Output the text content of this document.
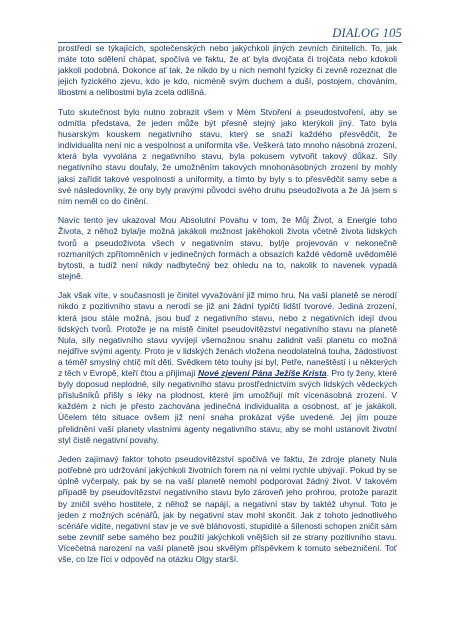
DIALOG 105

prostředí se týkajících, společenských nebo jakýchkoli jiných zevních činitelích. To, jak máte toto sdělení chápat, spočívá ve faktu, že ať byla dvojčata či trojčata nebo kdokoli jakkoli podobná. Dokonce ať tak, že nikdo by u nich nemohl fyzicky či zevně rozeznat dle jejich fyzického zjevu, kdo je kdo, nicméně svým duchem a duší, postojem, chováním, libostmi a nelibostmi byla zcela odlišná.

Tuto skutečnost bylo nutno zobrazit všem v Mém Stvoření a pseudostvoření, aby se odmítla představa, že jeden může být přesně stejný jako kterýkoli jiný. Tato byla husarským kouskem negativního stavu, který se snaží každého přesvědčit, že individualita není nic a vespolnost a uniformita vše. Veškerá tato mnoho násobná zrození, která byla vyvolána z negativního stavu, byla pokusem vytvořit takový důkaz. Síly negativního stavu doufaly, že umožněním takových mnohonásobných zrození by mohly jaksi zařídit takové vespolnosti a uniformity, a tímto by byly s to přesvědčit samy sebe a své následovníky, že ony byly pravými původci svého druhu pseudoživota a že Já jsem s ním neměl co do činění.

Navíc tento jev ukazoval Mou Absolutní Povahu v tom, že Můj Život, a Energie toho Života, z něhož byla/je možná jakákoli možnost jakéhokoli života včetně života lidských tvorů a pseudoživota všech v negativním stavu, byl/je projevován v nekonečně rozmanitých zpřítomněních v jedinečných formách a obsazích každé vědomě uvědomělé bytosti, a tudíž není nikdy nadbytečný bez ohledu na to, nakolik to navenek vypadá stejně.

Jak však víte, v současnosti je činitel vyvažování již mimo hru. Na vaší planetě se nerodí nikdo z pozitivního stavu a nerodí se již ani žádní typičtí lidští tvorové. Jediná zrození, která jsou stále možná, jsou buď z negativního stavu, nebo z negativních idejí dvou lidských tvorů. Protože je na místě činitel pseudovítězství negativního stavu na planetě Nula, síly negativního stavu vyvíjejí všemožnou snahu zalidnit vaši planetu co možná nejdříve svými agenty. Proto je v lidských ženách vložena neodolatelná touha, žádostivost a téměř smyslný chtíč mít děti. Svědkem této touhy jsi byl, Petře, naneštěstí i u některých z těch v Evropě, kteří čtou a přijímají Nové zjevení Pána Ježíše Krista. Pro ty ženy, které byly doposud neplodné, síly negativního stavu prostřednictvím svých lidských vědeckých příslušníků přišly s léky na plodnost, které jim umožňují mít vícenásobná zrození. V každém z nich je přesto zachována jedinečná individualita a osobnost, ať je jakákoli. Účelem této situace ovšem již není snaha prokázat výše uvedené. Jej jím pouze přelidnění vaší planety vlastními agenty negativního stavu, aby se mohl ustanovit životní styl čistě negativní povahy.

Jeden zajímavý faktor tohoto pseudovítězství spočívá ve faktu, že zdroje planety Nula potřebné pro udržování jakýchkoli životních forem na ní velmi rychle ubývají. Pokud by se úplně vyčerpaly, pak by se na vaší planetě nemohl podporovat žádný život. V takovém případě by pseudovítězství negativního stavu bylo zároveň jeho prohrou, protože parazit by zničil svého hostitele, z něhož se napájí, a negativní stav by taktéž uhynul. Toto je jeden z možných scénářů, jak by negativní stav mohl skončit. Jak z tohoto jednotlivého scénáře vidíte, negativní stav je ve své bláhovosti, stupidité a šílenosti schopen zničit sám sebe zevnitř sebe samého bez použití jakýchkoli vnějších sil ze strany pozitivního stavu. Vícečetná narození na vaší planetě jsou skvělým příspěvkem k tomuto sebezničení. Toť vše, co lze říci v odpověď na otázku Olgy starší.
